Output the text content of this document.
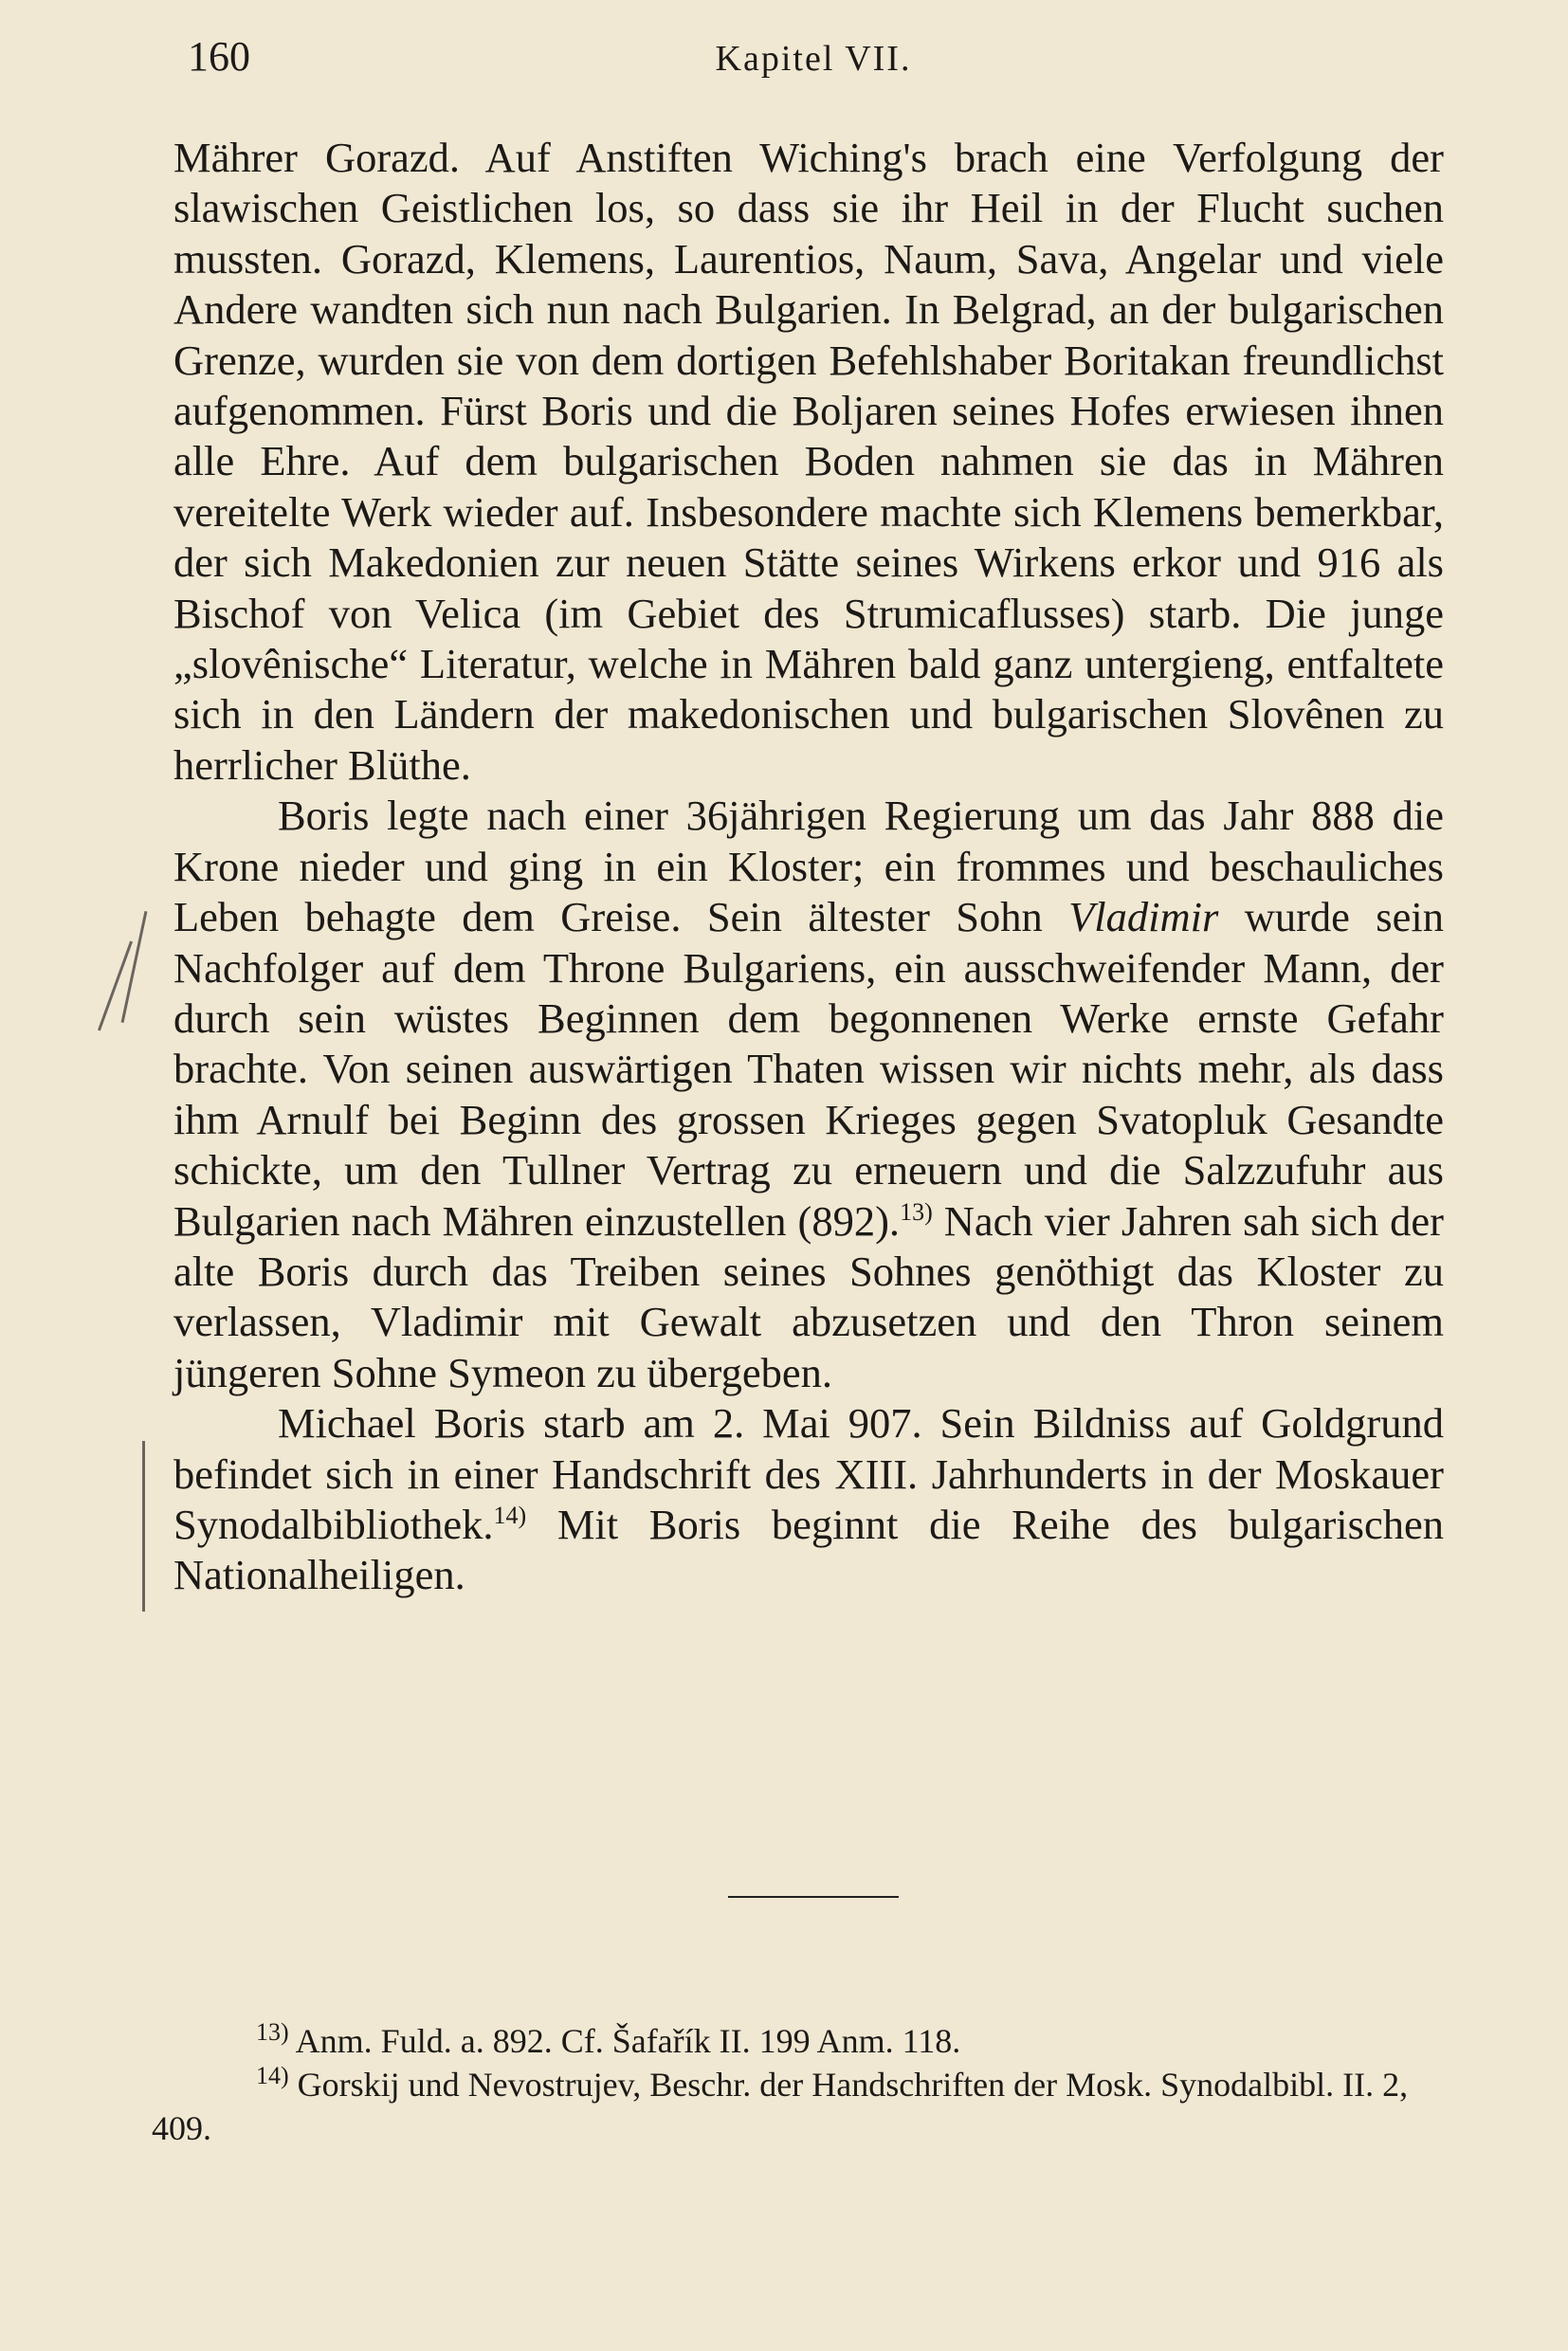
160	Kapitel VII.

Mährer Gorazd. Auf Anstiften Wiching's brach eine Verfolgung der slawischen Geistlichen los, so dass sie ihr Heil in der Flucht suchen mussten. Gorazd, Klemens, Laurentios, Naum, Sava, Angelar und viele Andere wandten sich nun nach Bulgarien. In Belgrad, an der bulgarischen Grenze, wurden sie von dem dortigen Befehlshaber Boritakan freundlichst aufgenommen. Fürst Boris und die Boljaren seines Hofes erwiesen ihnen alle Ehre. Auf dem bulgarischen Boden nahmen sie das in Mähren vereitelte Werk wieder auf. Insbesondere machte sich Klemens bemerkbar, der sich Makedonien zur neuen Stätte seines Wirkens erkor und 916 als Bischof von Velica (im Gebiet des Strumicaflusses) starb. Die junge „slovênische“ Literatur, welche in Mähren bald ganz untergieng, entfaltete sich in den Ländern der makedonischen und bulgarischen Slovênen zu herrlicher Blüthe.

Boris legte nach einer 36jährigen Regierung um das Jahr 888 die Krone nieder und ging in ein Kloster; ein frommes und beschauliches Leben behagte dem Greise. Sein ältester Sohn Vladimir wurde sein Nachfolger auf dem Throne Bulgariens, ein ausschweifender Mann, der durch sein wüstes Beginnen dem begonnenen Werke ernste Gefahr brachte. Von seinen auswärtigen Thaten wissen wir nichts mehr, als dass ihm Arnulf bei Beginn des grossen Krieges gegen Svatopluk Gesandte schickte, um den Tullner Vertrag zu erneuern und die Salzzufuhr aus Bulgarien nach Mähren einzustellen (892).$^{13)}$ Nach vier Jahren sah sich der alte Boris durch das Treiben seines Sohnes genöthigt das Kloster zu verlassen, Vladimir mit Gewalt abzusetzen und den Thron seinem jüngeren Sohne Symeon zu übergeben.

Michael Boris starb am 2. Mai 907. Sein Bildniss auf Goldgrund befindet sich in einer Handschrift des XIII. Jahrhunderts in der Moskauer Synodalbibliothek.$^{14)}$ Mit Boris beginnt die Reihe des bulgarischen Nationalheiligen.

$^{13)}$ Anm. Fuld. a. 892. Cf. Šafařík II. 199 Anm. 118.

$^{14)}$ Gorskij und Nevostrujev, Beschr. der Handschriften der Mosk. Synodalbibl. II. 2, 409.
